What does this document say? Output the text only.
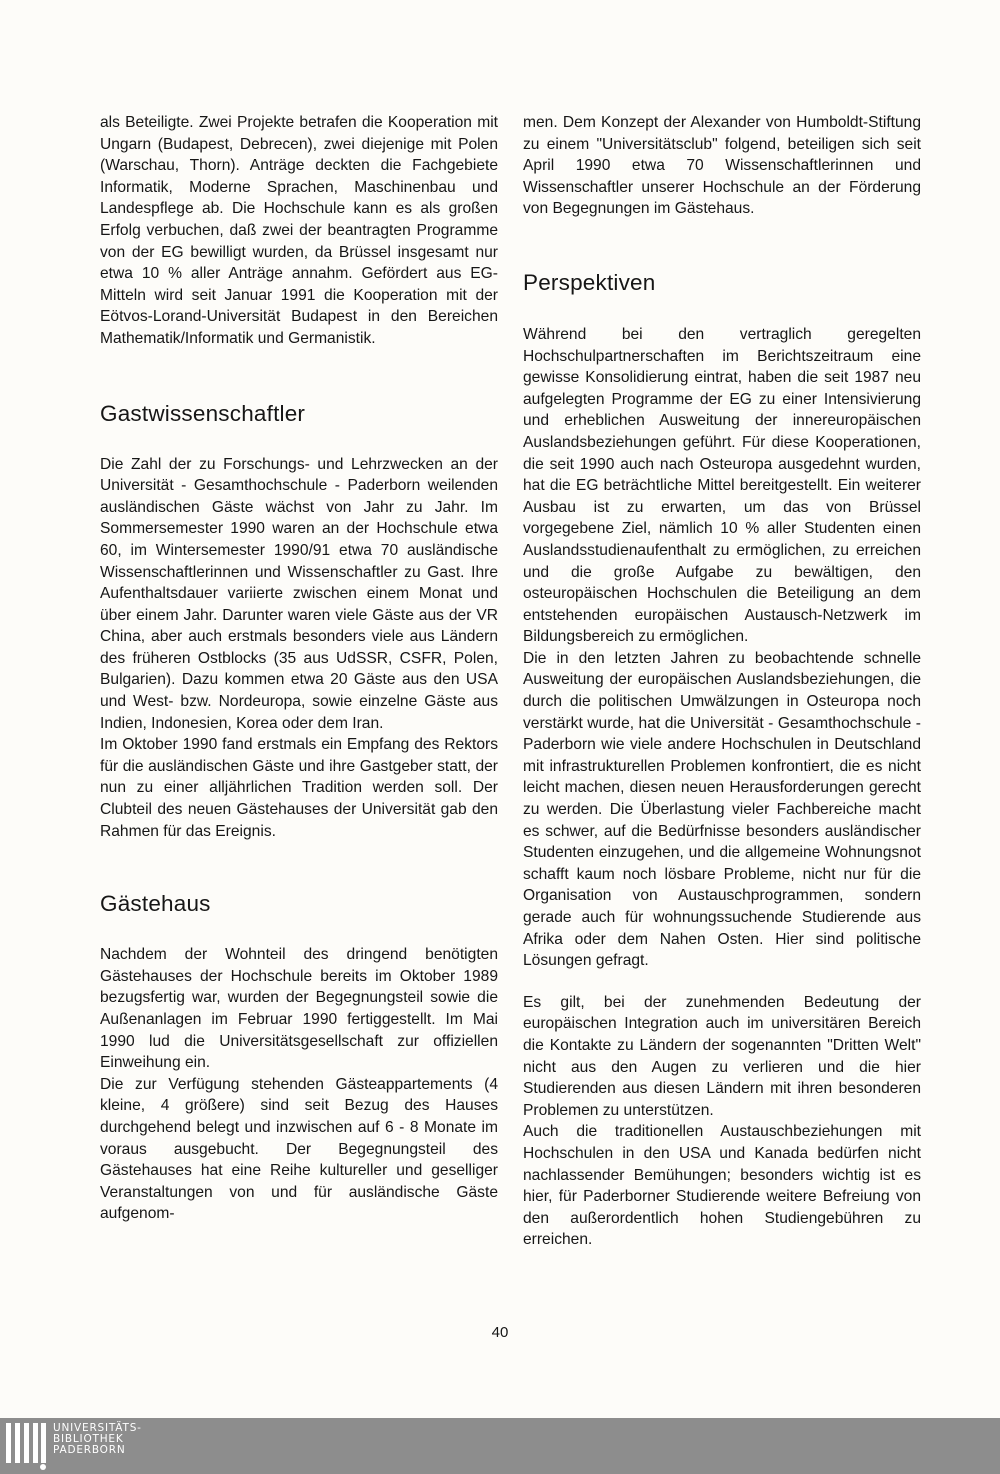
als Beteiligte. Zwei Projekte betrafen die Kooperation mit Ungarn (Budapest, Debrecen), zwei diejenige mit Polen (Warschau, Thorn). Anträge deckten die Fachgebiete Informatik, Moderne Sprachen, Maschinenbau und Landespflege ab. Die Hochschule kann es als großen Erfolg verbuchen, daß zwei der beantragten Programme von der EG bewilligt wurden, da Brüssel insgesamt nur etwa 10 % aller Anträge annahm. Gefördert aus EG-Mitteln wird seit Januar 1991 die Kooperation mit der Eötvos-Lorand-Universität Budapest in den Bereichen Mathematik/Informatik und Germanistik.

Gastwissenschaftler

Die Zahl der zu Forschungs- und Lehrzwecken an der Universität - Gesamthochschule - Paderborn weilenden ausländischen Gäste wächst von Jahr zu Jahr. Im Sommersemester 1990 waren an der Hochschule etwa 60, im Wintersemester 1990/91 etwa 70 ausländische Wissenschaftlerinnen und Wissenschaftler zu Gast. Ihre Aufenthaltsdauer variierte zwischen einem Monat und über einem Jahr. Darunter waren viele Gäste aus der VR China, aber auch erstmals besonders viele aus Ländern des früheren Ostblocks (35 aus UdSSR, CSFR, Polen, Bulgarien). Dazu kommen etwa 20 Gäste aus den USA und West- bzw. Nordeuropa, sowie einzelne Gäste aus Indien, Indonesien, Korea oder dem Iran.

Im Oktober 1990 fand erstmals ein Empfang des Rektors für die ausländischen Gäste und ihre Gastgeber statt, der nun zu einer alljährlichen Tradition werden soll. Der Clubteil des neuen Gästehauses der Universität gab den Rahmen für das Ereignis.

Gästehaus

Nachdem der Wohnteil des dringend benötigten Gästehauses der Hochschule bereits im Oktober 1989 bezugsfertig war, wurden der Begegnungsteil sowie die Außenanlagen im Februar 1990 fertiggestellt. Im Mai 1990 lud die Universitätsgesellschaft zur offiziellen Einweihung ein.

Die zur Verfügung stehenden Gästeappartements (4 kleine, 4 größere) sind seit Bezug des Hauses durchgehend belegt und inzwischen auf 6 - 8 Monate im voraus ausgebucht. Der Begegnungsteil des Gästehauses hat eine Reihe kultureller und geselliger Veranstaltungen von und für ausländische Gäste aufgenom-

men. Dem Konzept der Alexander von Humboldt-Stiftung zu einem "Universitätsclub" folgend, beteiligen sich seit April 1990 etwa 70 Wissenschaftlerinnen und Wissenschaftler unserer Hochschule an der Förderung von Begegnungen im Gästehaus.

Perspektiven

Während bei den vertraglich geregelten Hochschulpartnerschaften im Berichtszeitraum eine gewisse Konsolidierung eintrat, haben die seit 1987 neu aufgelegten Programme der EG zu einer Intensivierung und erheblichen Ausweitung der innereuropäischen Auslandsbeziehungen geführt. Für diese Kooperationen, die seit 1990 auch nach Osteuropa ausgedehnt wurden, hat die EG beträchtliche Mittel bereitgestellt. Ein weiterer Ausbau ist zu erwarten, um das von Brüssel vorgegebene Ziel, nämlich 10 % aller Studenten einen Auslandsstudienaufenthalt zu ermöglichen, zu erreichen und die große Aufgabe zu bewältigen, den osteuropäischen Hochschulen die Beteiligung an dem entstehenden europäischen Austausch-Netzwerk im Bildungsbereich zu ermöglichen.

Die in den letzten Jahren zu beobachtende schnelle Ausweitung der europäischen Auslandsbeziehungen, die durch die politischen Umwälzungen in Osteuropa noch verstärkt wurde, hat die Universität - Gesamthochschule - Paderborn wie viele andere Hochschulen in Deutschland mit infrastrukturellen Problemen konfrontiert, die es nicht leicht machen, diesen neuen Herausforderungen gerecht zu werden. Die Überlastung vieler Fachbereiche macht es schwer, auf die Bedürfnisse besonders ausländischer Studenten einzugehen, und die allgemeine Wohnungsnot schafft kaum noch lösbare Probleme, nicht nur für die Organisation von Austauschprogrammen, sondern gerade auch für wohnungssuchende Studierende aus Afrika oder dem Nahen Osten. Hier sind politische Lösungen gefragt.

Es gilt, bei der zunehmenden Bedeutung der europäischen Integration auch im universitären Bereich die Kontakte zu Ländern der sogenannten "Dritten Welt" nicht aus den Augen zu verlieren und die hier Studierenden aus diesen Ländern mit ihren besonderen Problemen zu unterstützen.

Auch die traditionellen Austauschbeziehungen mit Hochschulen in den USA und Kanada bedürfen nicht nachlassender Bemühungen; besonders wichtig ist es hier, für Paderborner Studierende weitere Befreiung von den außerordentlich hohen Studiengebühren zu erreichen.

40
UNIVERSITÄTS-
BIBLIOTHEK
PADERBORN
